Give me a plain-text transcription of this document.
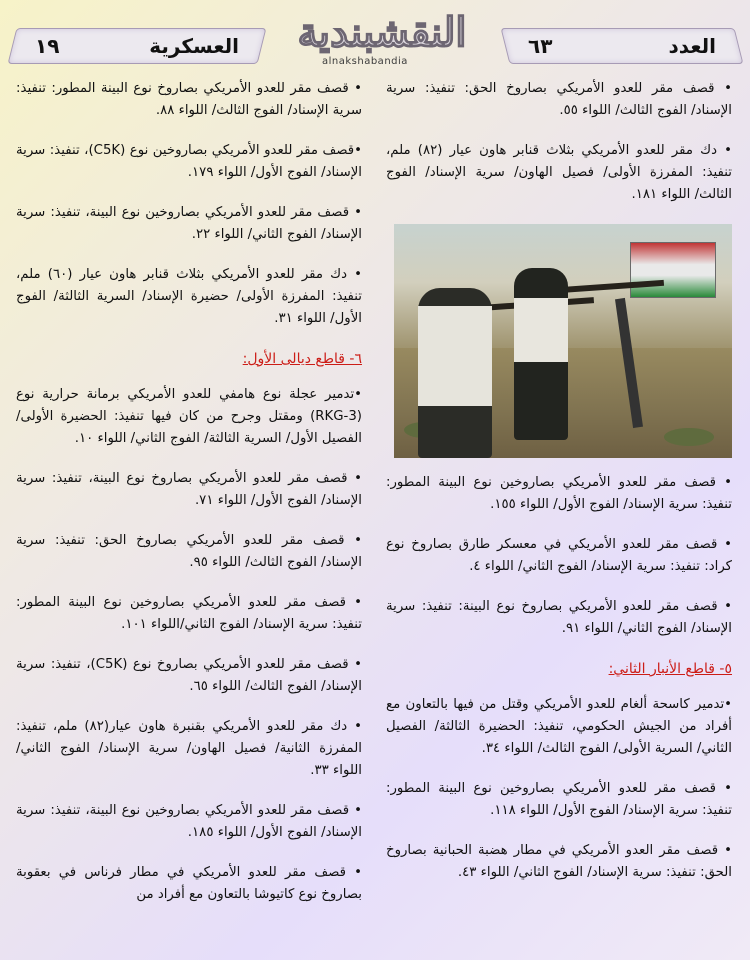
العسكرية
١٩	النقشبندية
alnakshabandia
العدد
٦٣
• قصف مقر للعدو الأمريكي بصاروخ الحق: تنفيذ: سرية الإسناد/ الفوج الثالث/ اللواء ٥٥.
• دك مقر للعدو الأمريكي بثلاث قنابر هاون عيار (٨٢) ملم، تنفيذ: المفرزة الأولى/ فصيل الهاون/ سرية الإسناد/ الفوج الثالث/ اللواء ١٨١.
• قصف مقر للعدو الأمريكي بصاروخين نوع البينة المطور: تنفيذ: سرية الإسناد/ الفوج الأول/ اللواء ١٥٥.
• قصف مقر للعدو الأمريكي في معسكر طارق بصاروخ نوع كراد: تنفيذ: سرية الإسناد/ الفوج الثاني/ اللواء ٤.
• قصف مقر للعدو الأمريكي بصاروخ نوع البينة: تنفيذ: سرية الإسناد/ الفوج الثاني/ اللواء ٩١.
٥- قاطع الأنبار الثاني:
•تدمير كاسحة ألغام للعدو الأمريكي وقتل من فيها بالتعاون مع أفراد من الجيش الحكومي، تنفيذ: الحضيرة الثالثة/ الفصيل الثاني/ السرية الأولى/ الفوج الثالث/ اللواء ٣٤.
• قصف مقر للعدو الأمريكي بصاروخين نوع البينة المطور: تنفيذ: سرية الإسناد/ الفوج الأول/ اللواء ١١٨.
• قصف مقر العدو الأمريكي في مطار هضبة الحبانية بصاروخ الحق: تنفيذ: سرية الإسناد/ الفوج الثاني/ اللواء ٤٣.
• قصف مقر للعدو الأمريكي بصاروخ نوع البينة المطور: تنفيذ: سرية الإسناد/ الفوج الثالث/ اللواء ٨٨.
•قصف مقر للعدو الأمريكي بصاروخين نوع (C5K)، تنفيذ: سرية الإسناد/ الفوج الأول/ اللواء ١٧٩.
• قصف مقر للعدو الأمريكي بصاروخين نوع البينة، تنفيذ: سرية الإسناد/ الفوج الثاني/ اللواء ٢٢.
• دك مقر للعدو الأمريكي بثلاث قنابر هاون عيار (٦٠) ملم، تنفيذ: المفرزة الأولى/ حضيرة الإسناد/ السرية الثالثة/ الفوج الأول/ اللواء ٣١.
٦- قاطع ديالى الأول:
•تدمير عجلة نوع هامفي للعدو الأمريكي برمانة حرارية نوع (RKG-3) ومقتل وجرح من كان فيها تنفيذ: الحضيرة الأولى/ الفصيل الأول/ السرية الثالثة/ الفوج الثاني/ اللواء ١٠.
• قصف مقر للعدو الأمريكي بصاروخ نوع البينة، تنفيذ: سرية الإسناد/ الفوج الأول/ اللواء ٧١.
• قصف مقر للعدو الأمريكي بصاروخ الحق: تنفيذ: سرية الإسناد/ الفوج الثالث/ اللواء ٩٥.
• قصف مقر للعدو الأمريكي بصاروخين نوع البينة المطور: تنفيذ: سرية الإسناد/ الفوج الثاني/اللواء ١٠١.
• قصف مقر للعدو الأمريكي بصاروخ نوع (C5K)، تنفيذ: سرية الإسناد/ الفوج الثالث/ اللواء ٦٥.
• دك مقر للعدو الأمريكي بقنبرة هاون عيار(٨٢) ملم، تنفيذ: المفرزة الثانية/ فصيل الهاون/ سرية الإسناد/ الفوج الثاني/ اللواء ٣٣.
• قصف مقر للعدو الأمريكي بصاروخين نوع البينة، تنفيذ: سرية الإسناد/ الفوج الأول/ اللواء ١٨٥.
• قصف مقر للعدو الأمريكي في مطار فرناس في بعقوبة بصاروخ نوع كاتيوشا بالتعاون مع أفراد من
